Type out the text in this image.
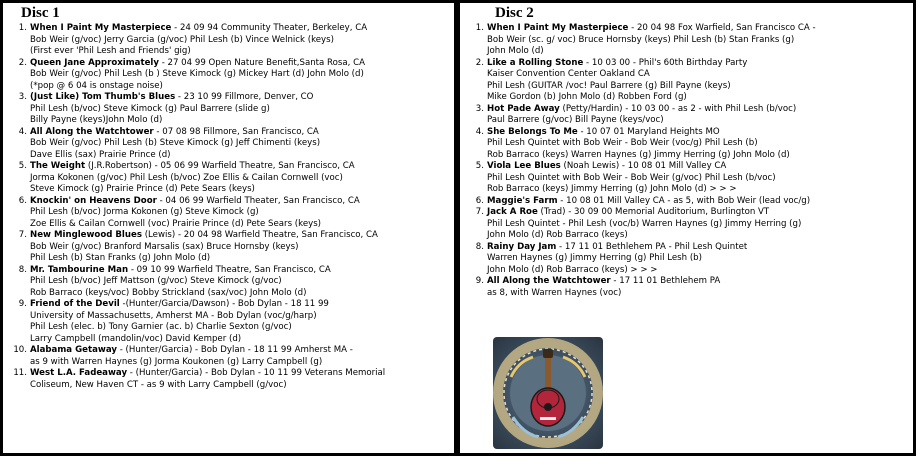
Disc 1
1. When I Paint My Masterpiece - 24 09 94 Community Theater, Berkeley, CA
Bob Weir (g/voc) Jerry Garcia (g/voc) Phil Lesh (b) Vince Welnick (keys)
(First ever 'Phil Lesh and Friends' gig)
2. Queen Jane Approximately - 27 04 99 Open Nature Benefit,Santa Rosa, CA
Bob Weir (g/voc) Phil Lesh (b ) Steve Kimock (g) Mickey Hart (d) John Molo (d)
(*pop @ 6 04 is onstage noise)
3. (Just Like) Tom Thumb's Blues - 23 10 99 Fillmore, Denver, CO
Phil Lesh (b/voc) Steve Kimock (g) Paul Barrere (slide g)
Billy Payne (keys)John Molo (d)
4. All Along the Watchtower - 07 08 98 Fillmore, San Francisco, CA
Bob Weir (g/voc) Phil Lesh (b) Steve Kimock (g) Jeff Chimenti (keys)
Dave Ellis (sax) Prairie Prince (d)
5. The Weight (J.R.Robertson) - 05 06 99 Warfield Theatre, San Francisco, CA
Jorma Kokonen (g/voc) Phil Lesh (b/voc) Zoe Ellis & Cailan Cornwell (voc)
Steve Kimock (g) Prairie Prince (d) Pete Sears (keys)
6. Knockin' on Heavens Door - 04 06 99 Warfield Theater, San Francisco, CA
Phil Lesh (b/voc) Jorma Kokonen (g) Steve Kimock (g)
Zoe Ellis & Cailan Cornwell (voc) Prairie Prince (d) Pete Sears (keys)
7. New Minglewood Blues (Lewis) - 20 04 98 Warfield Theatre, San Francisco, CA
Bob Weir (g/voc) Branford Marsalis (sax) Bruce Hornsby (keys)
Phil Lesh (b) Stan Franks (g) John Molo (d)
8. Mr. Tambourine Man - 09 10 99 Warfield Theatre, San Francisco, CA
Phil Lesh (b/voc) Jeff Mattson (g/voc) Steve Kimock (g/voc)
Rob Barraco (keys/voc) Bobby Strickland (sax/voc) John Molo (d)
9. Friend of the Devil -(Hunter/Garcia/Dawson) - Bob Dylan - 18 11 99
University of Massachusetts, Amherst MA - Bob Dylan (voc/g/harp)
Phil Lesh (elec. b) Tony Garnier (ac. b) Charlie Sexton (g/voc)
Larry Campbell (mandolin/voc) David Kemper (d)
10. Alabama Getaway - (Hunter/Garcia) - Bob Dylan - 18 11 99 Amherst MA -
as 9 with Warren Haynes (g) Jorma Koukonen (g) Larry Campbell (g)
11. West L.A. Fadeaway - (Hunter/Garcia) - Bob Dylan - 10 11 99 Veterans Memorial
Coliseum, New Haven CT - as 9 with Larry Campbell (g/voc)
Disc 2
1. When I Paint My Masterpiece - 20 04 98 Fox Warfield, San Francisco CA -
Bob Weir (sc. g/ voc) Bruce Hornsby (keys) Phil Lesh (b) Stan Franks (g)
John Molo (d)
2. Like a Rolling Stone - 10 03 00 - Phil's 60th Birthday Party
Kaiser Convention Center Oakland CA
Phil Lesh (GUITAR /voc! Paul Barrere (g) Bill Payne (keys)
Mike Gordon (b) John Molo (d) Robben Ford (g)
3. Hot Pade Away (Petty/Hardin) - 10 03 00 - as 2 - with Phil Lesh (b/voc)
Paul Barrere (g/voc) Bill Payne (keys/voc)
4. She Belongs To Me - 10 07 01 Maryland Heights MO
Phil Lesh Quintet with Bob Weir - Bob Weir (voc/g) Phil Lesh (b)
Rob Barraco (keys) Warren Haynes (g) Jimmy Herring (g) John Molo (d)
5. Viola Lee Blues (Noah Lewis) - 10 08 01 Mill Valley CA
Phil Lesh Quintet with Bob Weir - Bob Weir (g/voc) Phil Lesh (b/voc)
Rob Barraco (keys) Jimmy Herring (g) John Molo (d) > > >
6. Maggie's Farm - 10 08 01 Mill Valley CA - as 5, with Bob Weir (lead voc/g)
7. Jack A Roe (Trad) - 30 09 00 Memorial Auditorium, Burlington VT
Phil Lesh Quintet - Phil Lesh (voc/b) Warren Haynes (g) Jimmy Herring (g)
John Molo (d) Rob Barraco (keys)
8. Rainy Day Jam - 17 11 01 Bethlehem PA - Phil Lesh Quintet
Warren Haynes (g) Jimmy Herring (g) Phil Lesh (b)
John Molo (d) Rob Barraco (keys) > > >
9. All Along the Watchtower - 17 11 01 Bethlehem PA
as 8, with Warren Haynes (voc)
